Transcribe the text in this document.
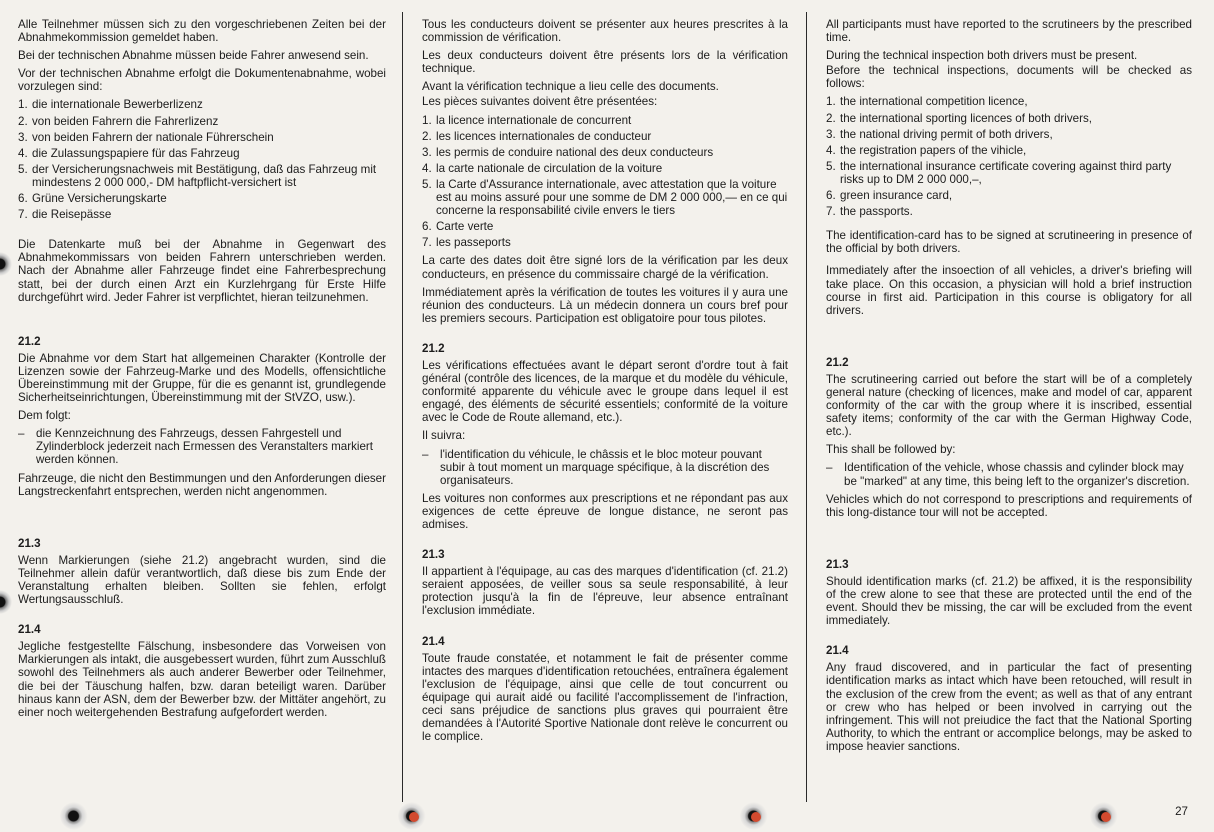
Alle Teilnehmer müssen sich zu den vorgeschriebenen Zeiten bei der Abnahmekommission gemeldet haben.

Bei der technischen Abnahme müssen beide Fahrer anwesend sein.

Vor der technischen Abnahme erfolgt die Dokumentenabnahme, wobei vorzulegen sind:

1. die internationale Bewerberlizenz
2. von beiden Fahrern die Fahrerlizenz
3. von beiden Fahrern der nationale Führerschein
4. die Zulassungspapiere für das Fahrzeug
5. der Versicherungsnachweis mit Bestätigung, daß das Fahrzeug mit mindestens 2 000 000,- DM haftpflicht-versichert ist
6. Grüne Versicherungskarte
7. die Reisepässe

Die Datenkarte muß bei der Abnahme in Gegenwart des Abnahmekommissars von beiden Fahrern unterschrieben werden. Nach der Abnahme aller Fahrzeuge findet eine Fahrerbesprechung statt, bei der durch einen Arzt ein Kurzlehrgang für Erste Hilfe durchgeführt wird. Jeder Fahrer ist verpflichtet, hieran teilzunehmen.

21.2

Die Abnahme vor dem Start hat allgemeinen Charakter (Kontrolle der Lizenzen sowie der Fahrzeug-Marke und des Modells, offensichtliche Übereinstimmung mit der Gruppe, für die es genannt ist, grundlegende Sicherheitseinrichtungen, Übereinstimmung mit der StVZO, usw.).

Dem folgt:

– die Kennzeichnung des Fahrzeugs, dessen Fahrgestell und Zylinderblock jederzeit nach Ermessen des Veranstalters markiert werden können.

Fahrzeuge, die nicht den Bestimmungen und den Anforderungen dieser Langstreckenfahrt entsprechen, werden nicht angenommen.

21.3

Wenn Markierungen (siehe 21.2) angebracht wurden, sind die Teilnehmer allein dafür verantwortlich, daß diese bis zum Ende der Veranstaltung erhalten bleiben. Sollten sie fehlen, erfolgt Wertungsausschluß.

21.4

Jegliche festgestellte Fälschung, insbesondere das Vorweisen von Markierungen als intakt, die ausgebessert wurden, führt zum Ausschluß sowohl des Teilnehmers als auch anderer Bewerber oder Teilnehmer, die bei der Täuschung halfen, bzw. daran beteiligt waren. Darüber hinaus kann der ASN, dem der Bewerber bzw. der Mittäter angehört, zu einer noch weitergehenden Bestrafung aufgefordert werden.

Tous les conducteurs doivent se présenter aux heures prescrites à la commission de vérification.

Les deux conducteurs doivent être présents lors de la vérification technique.

Avant la vérification technique a lieu celle des documents.

Les pièces suivantes doivent être présentées:

1. la licence internationale de concurrent
2. les licences internationales de conducteur
3. les permis de conduire national des deux conducteurs
4. la carte nationale de circulation de la voiture
5. la Carte d'Assurance internationale, avec attestation que la voiture est au moins assuré pour une somme de DM 2 000 000,— en ce qui concerne la responsabilité civile envers le tiers
6. Carte verte
7. les passeports

La carte des dates doit être signé lors de la vérification par les deux conducteurs, en présence du commissaire chargé de la vérification.

Immédiatement après la vérification de toutes les voitures il y aura une réunion des conducteurs. Là un médecin donnera un cours bref pour les premiers secours. Participation est obligatoire pour tous pilotes.

21.2

Les vérifications effectuées avant le départ seront d'ordre tout à fait général (contrôle des licences, de la marque et du modèle du véhicule, conformité apparente du véhicule avec le groupe dans lequel il est engagé, des éléments de sécurité essentiels; conformité de la voiture avec le Code de Route allemand, etc.).

Il suivra:

– l'identification du véhicule, le châssis et le bloc moteur pouvant subir à tout moment un marquage spécifique, à la discrétion des organisateurs.

Les voitures non conformes aux prescriptions et ne répondant pas aux exigences de cette épreuve de longue distance, ne seront pas admises.

21.3

Il appartient à l'équipage, au cas des marques d'identification (cf. 21.2) seraient apposées, de veiller sous sa seule responsabilité, à leur protection jusqu'à la fin de l'épreuve, leur absence entraînant l'exclusion immédiate.

21.4

Toute fraude constatée, et notamment le fait de présenter comme intactes des marques d'identification retouchées, entraînera également l'exclusion de l'équipage, ainsi que celle de tout concurrent ou équipage qui aurait aidé ou facilité l'accomplissement de l'infraction, ceci sans préjudice de sanctions plus graves qui pourraient être demandées à l'Autorité Sportive Nationale dont relève le concurrent ou le complice.

All participants must have reported to the scrutineers by the prescribed time.

During the technical inspection both drivers must be present.

Before the technical inspections, documents will be checked as follows:

1. the international competition licence,
2. the international sporting licences of both drivers,
3. the national driving permit of both drivers,
4. the registration papers of the vihicle,
5. the international insurance certificate covering against third party risks up to DM 2 000 000,–,
6. green insurance card,
7. the passports.

The identification-card has to be signed at scrutineering in presence of the official by both drivers.

Immediately after the insoection of all vehicles, a driver's briefing will take place. On this occasion, a physician will hold a brief instruction course in first aid. Participation in this course is obligatory for all drivers.

21.2

The scrutineering carried out before the start will be of a completely general nature (checking of licences, make and model of car, apparent conformity of the car with the group where it is inscribed, essential safety items; conformity of the car with the German Highway Code, etc.).

This shall be followed by:

– Identification of the vehicle, whose chassis and cylinder block may be "marked" at any time, this being left to the organizer's discretion.

Vehicles which do not correspond to prescriptions and requirements of this long-distance tour will not be accepted.

21.3

Should identification marks (cf. 21.2) be affixed, it is the responsibility of the crew alone to see that these are protected until the end of the event. Should thev be missing, the car will be excluded from the event immediately.

21.4

Any fraud discovered, and in particular the fact of presenting identification marks as intact which have been retouched, will result in the exclusion of the crew from the event; as well as that of any entrant or crew who has helped or been involved in carrying out the infringement. This will not preiudice the fact that the National Sporting Authority, to which the entrant or accomplice belongs, may be asked to impose heavier sanctions.

27
